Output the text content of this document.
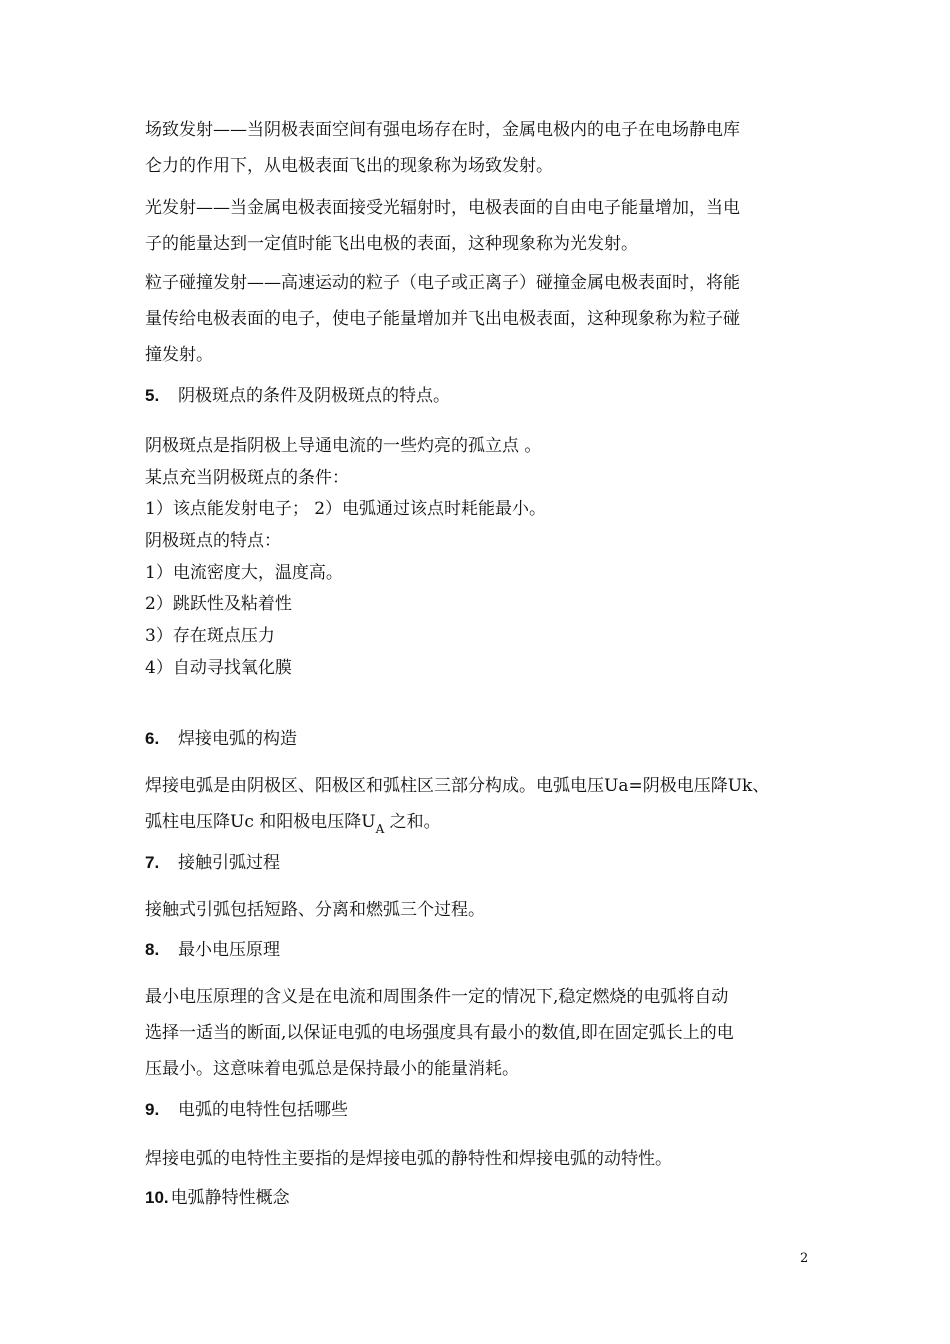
场致发射——当阴极表面空间有强电场存在时，金属电极内的电子在电场静电库
仑力的作用下，从电极表面飞出的现象称为场致发射。
光发射——当金属电极表面接受光辐射时，电极表面的自由电子能量增加，当电
子的能量达到一定值时能飞出电极的表面，这种现象称为光发射。
粒子碰撞发射——高速运动的粒子（电子或正离子）碰撞金属电极表面时，将能
量传给电极表面的电子，使电子能量增加并飞出电极表面，这种现象称为粒子碰
撞发射。
5. 阴极斑点的条件及阴极斑点的特点。
阴极斑点是指阴极上导通电流的一些灼亮的孤立点 。
某点充当阴极斑点的条件：
1）该点能发射电子； 2）电弧通过该点时耗能最小。
阴极斑点的特点：
1）电流密度大，温度高。
2）跳跃性及粘着性
3）存在斑点压力
4）自动寻找氧化膜
6. 焊接电弧的构造
焊接电弧是由阴极区、阳极区和弧柱区三部分构成。电弧电压Ua=阴极电压降Uk、
弧柱电压降Uc 和阳极电压降$U_A$ 之和。
7. 接触引弧过程
接触式引弧包括短路、分离和燃弧三个过程。
8. 最小电压原理
最小电压原理的含义是在电流和周围条件一定的情况下,稳定燃烧的电弧将自动
选择一适当的断面,以保证电弧的电场强度具有最小的数值,即在固定弧长上的电
压最小。这意味着电弧总是保持最小的能量消耗。
9. 电弧的电特性包括哪些
焊接电弧的电特性主要指的是焊接电弧的静特性和焊接电弧的动特性。
10. 电弧静特性概念
2
